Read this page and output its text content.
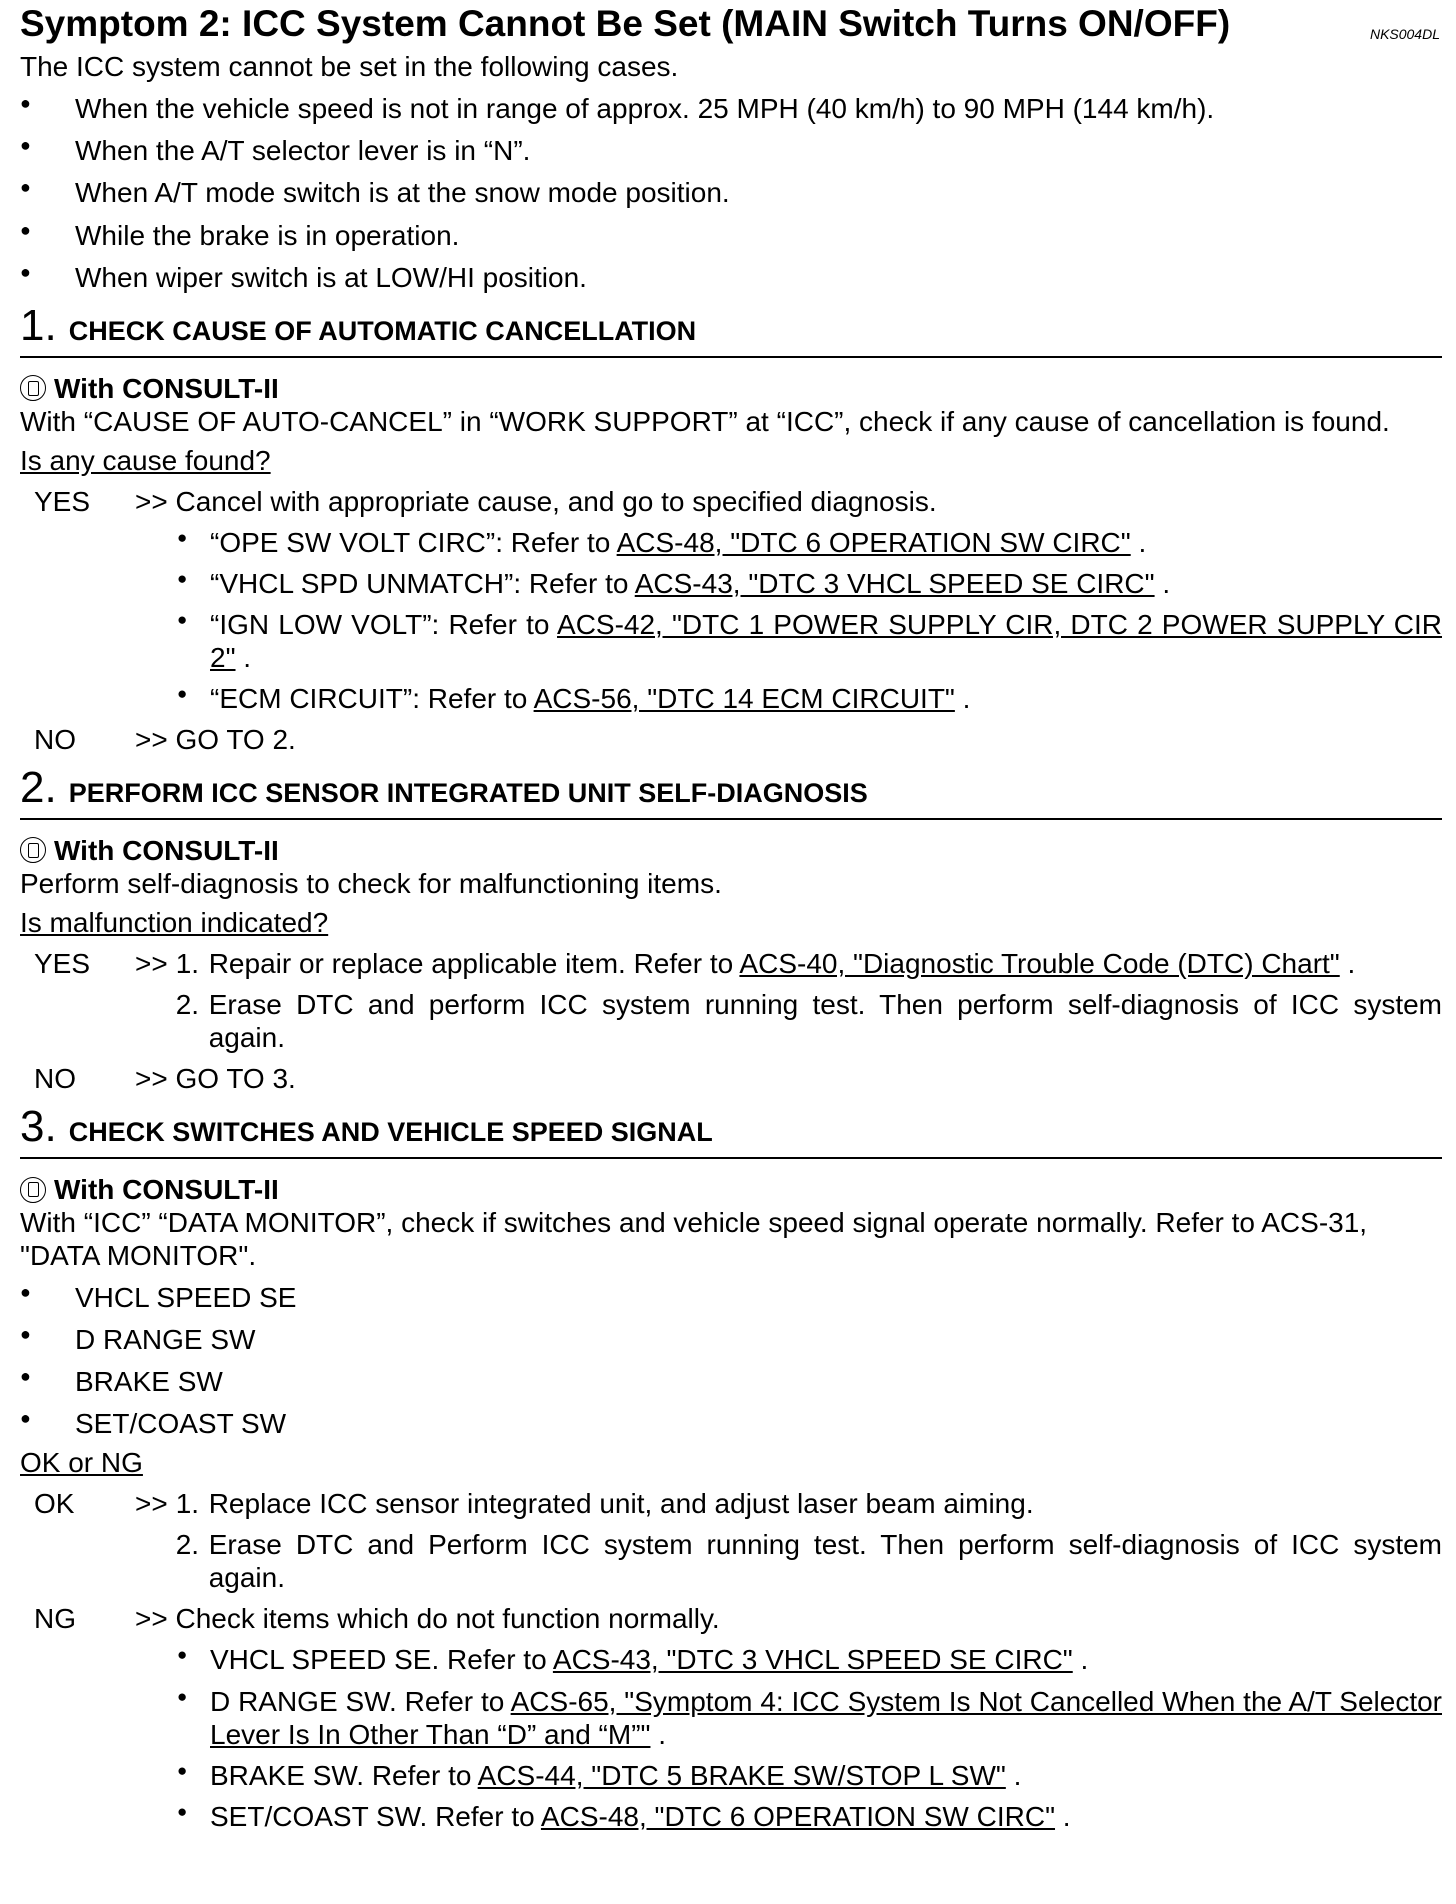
Symptom 2: ICC System Cannot Be Set (MAIN Switch Turns ON/OFF)	NKS004DL

The ICC system cannot be set in the following cases.

● When the vehicle speed is not in range of approx. 25 MPH (40 km/h) to 90 MPH (144 km/h).
● When the A/T selector lever is in “N”.
● When A/T mode switch is at the snow mode position.
● While the brake is in operation.
● When wiper switch is at LOW/HI position.
1. CHECK CAUSE OF AUTOMATIC CANCELLATION
With CONSULT-II

With “CAUSE OF AUTO-CANCEL” in “WORK SUPPORT” at “ICC”, check if any cause of cancellation is found.

Is any cause found?

YES	>> Cancel with appropriate cause, and go to specified diagnosis.
● “OPE SW VOLT CIRC”: Refer to ACS-48, "DTC 6 OPERATION SW CIRC" .
● “VHCL SPD UNMATCH”: Refer to ACS-43, "DTC 3 VHCL SPEED SE CIRC" .
● “IGN LOW VOLT”: Refer to ACS-42, "DTC 1 POWER SUPPLY CIR, DTC 2 POWER SUPPLY CIR 2" .
● “ECM CIRCUIT”: Refer to ACS-56, "DTC 14 ECM CIRCUIT" .
NO	>> GO TO 2.
2. PERFORM ICC SENSOR INTEGRATED UNIT SELF-DIAGNOSIS
With CONSULT-II

Perform self-diagnosis to check for malfunctioning items.

Is malfunction indicated?

YES	>> 1. Repair or replace applicable item. Refer to ACS-40, "Diagnostic Trouble Code (DTC) Chart" .
2. Erase DTC and perform ICC system running test. Then perform self-diagnosis of ICC system again.
NO	>> GO TO 3.
3. CHECK SWITCHES AND VEHICLE SPEED SIGNAL
With CONSULT-II

With “ICC” “DATA MONITOR”, check if switches and vehicle speed signal operate normally. Refer to ACS-31, "DATA MONITOR".

● VHCL SPEED SE
● D RANGE SW
● BRAKE SW
● SET/COAST SW

OK or NG

OK	>> 1. Replace ICC sensor integrated unit, and adjust laser beam aiming.
2. Erase DTC and Perform ICC system running test. Then perform self-diagnosis of ICC system again.
NG	>> Check items which do not function normally.
● VHCL SPEED SE. Refer to ACS-43, "DTC 3 VHCL SPEED SE CIRC" .
● D RANGE SW. Refer to ACS-65, "Symptom 4: ICC System Is Not Cancelled When the A/T Selector Lever Is In Other Than “D” and “M”" .
● BRAKE SW. Refer to ACS-44, "DTC 5 BRAKE SW/STOP L SW" .
● SET/COAST SW. Refer to ACS-48, "DTC 6 OPERATION SW CIRC" .
